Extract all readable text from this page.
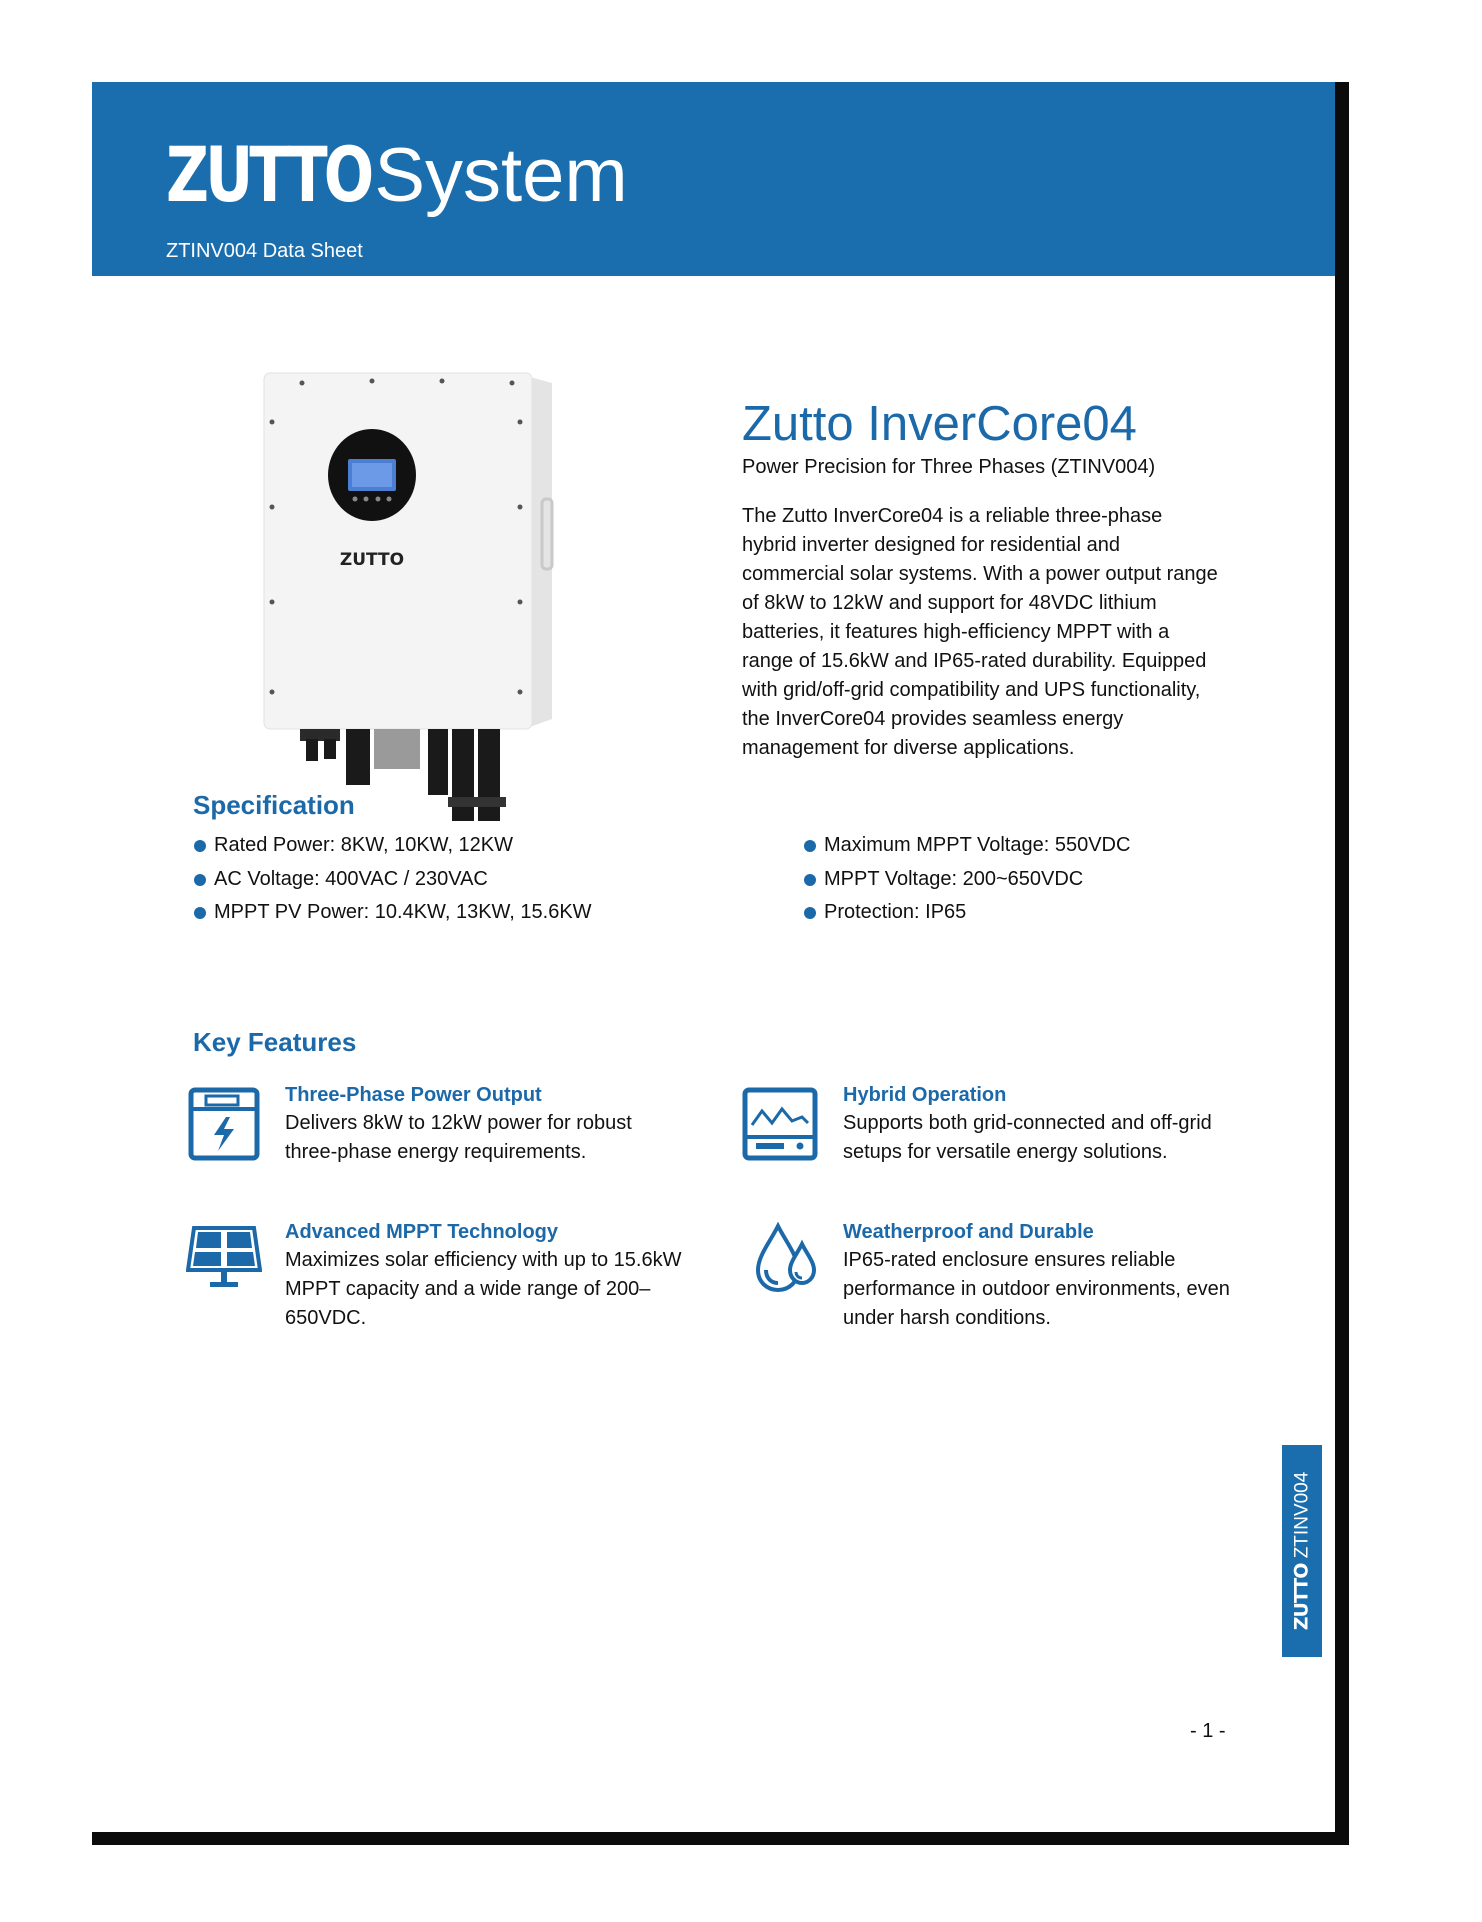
ZUTTO System
ZTINV004 Data Sheet
ZUTTO
Zutto InverCore04
Power Precision for Three Phases (ZTINV004)

The Zutto InverCore04 is a reliable three-phase hybrid inverter designed for residential and commercial solar systems. With a power output range of 8kW to 12kW and support for 48VDC lithium batteries, it features high-efficiency MPPT with a range of 15.6kW and IP65-rated durability. Equipped with grid/off-grid compatibility and UPS functionality, the InverCore04 provides seamless energy management for diverse applications.

Specification
Rated Power: 8KW, 10KW, 12KW
AC Voltage: 400VAC / 230VAC
MPPT PV Power: 10.4KW, 13KW, 15.6KW
Maximum MPPT Voltage: 550VDC
MPPT Voltage: 200~650VDC
Protection: IP65
Key Features
Three-Phase Power Output

Delivers 8kW to 12kW power for robust three-phase energy requirements.

Hybrid Operation

Supports both grid-connected and off-grid setups for versatile energy solutions.

Advanced MPPT Technology

Maximizes solar efficiency with up to 15.6kW MPPT capacity and a wide range of 200–650VDC.

Weatherproof and Durable

IP65-rated enclosure ensures reliable performance in outdoor environments, even under harsh conditions.

ZUTTO ZTINV004
- 1 -
